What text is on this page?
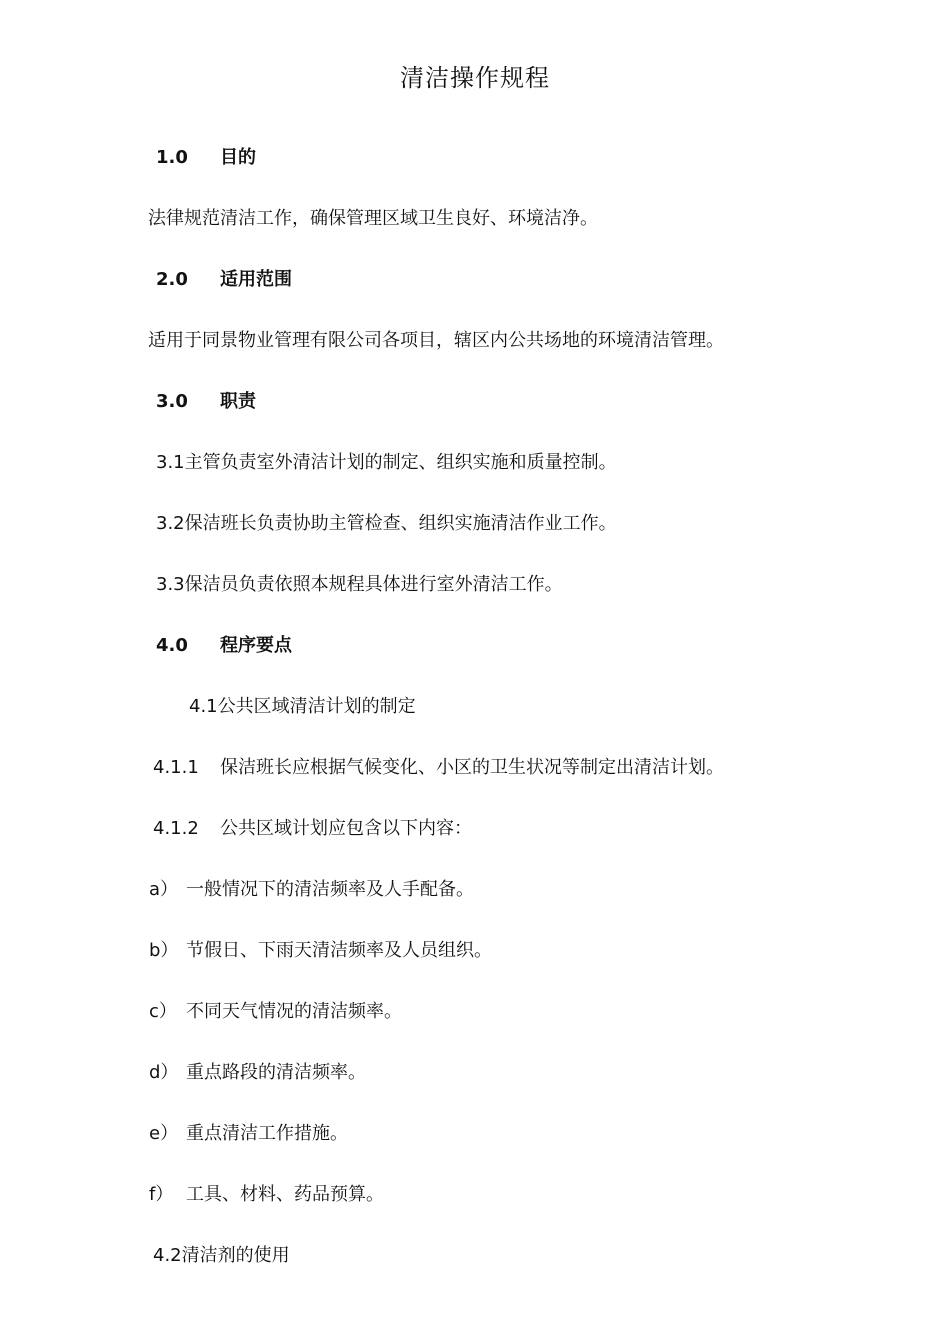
清洁操作规程
1.0 目的
法律规范清洁工作，确保管理区域卫生良好、环境洁净。
2.0 适用范围
适用于同景物业管理有限公司各项目，辖区内公共场地的环境清洁管理。
3.0 职责
3.1主管负责室外清洁计划的制定、组织实施和质量控制。
3.2保洁班长负责协助主管检查、组织实施清洁作业工作。
3.3保洁员负责依照本规程具体进行室外清洁工作。
4.0 程序要点
4.1公共区域清洁计划的制定
4.1.1 保洁班长应根据气候变化、小区的卫生状况等制定出清洁计划。
4.1.2 公共区域计划应包含以下内容：
a） 一般情况下的清洁频率及人手配备。
b） 节假日、下雨天清洁频率及人员组织。
c） 不同天气情况的清洁频率。
d） 重点路段的清洁频率。
e） 重点清洁工作措施。
f） 工具、材料、药品预算。
4.2清洁剂的使用
